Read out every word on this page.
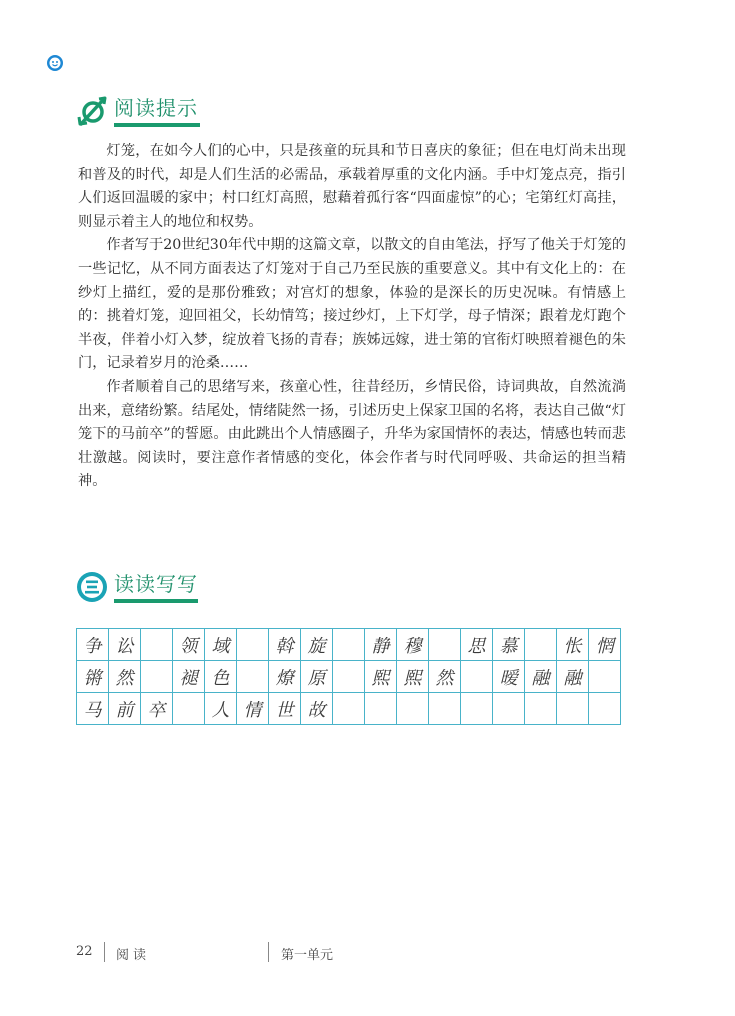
阅读提示

灯笼，在如今人们的心中，只是孩童的玩具和节日喜庆的象征；但在电灯尚未出现和普及的时代，却是人们生活的必需品，承载着厚重的文化内涵。手中灯笼点亮，指引人们返回温暖的家中；村口红灯高照，慰藉着孤行客“四面虚惊”的心；宅第红灯高挂，则显示着主人的地位和权势。

作者写于20世纪30年代中期的这篇文章，以散文的自由笔法，抒写了他关于灯笼的一些记忆，从不同方面表达了灯笼对于自己乃至民族的重要意义。其中有文化上的：在纱灯上描红，爱的是那份雅致；对宫灯的想象，体验的是深长的历史况味。有情感上的：挑着灯笼，迎回祖父，长幼情笃；接过纱灯，上下灯学，母子情深；跟着龙灯跑个半夜，伴着小灯入梦，绽放着飞扬的青春；族姊远嫁，进士第的官衔灯映照着褪色的朱门，记录着岁月的沧桑……

作者顺着自己的思绪写来，孩童心性，往昔经历，乡情民俗，诗词典故，自然流淌出来，意绪纷繁。结尾处，情绪陡然一扬，引述历史上保家卫国的名将，表达自己做“灯笼下的马前卒”的誓愿。由此跳出个人情感圈子，升华为家国情怀的表达，情感也转而悲壮激越。阅读时，要注意作者情感的变化，体会作者与时代同呼吸、共命运的担当精神。

读读写写
争	讼		领	域		斡	旋		静	穆		思	慕		怅	惘
锵	然		褪	色		燎	原		熙	熙	然		暧	融	融	
马	前	卒		人	情	世	故									
22 阅读	第一单元
